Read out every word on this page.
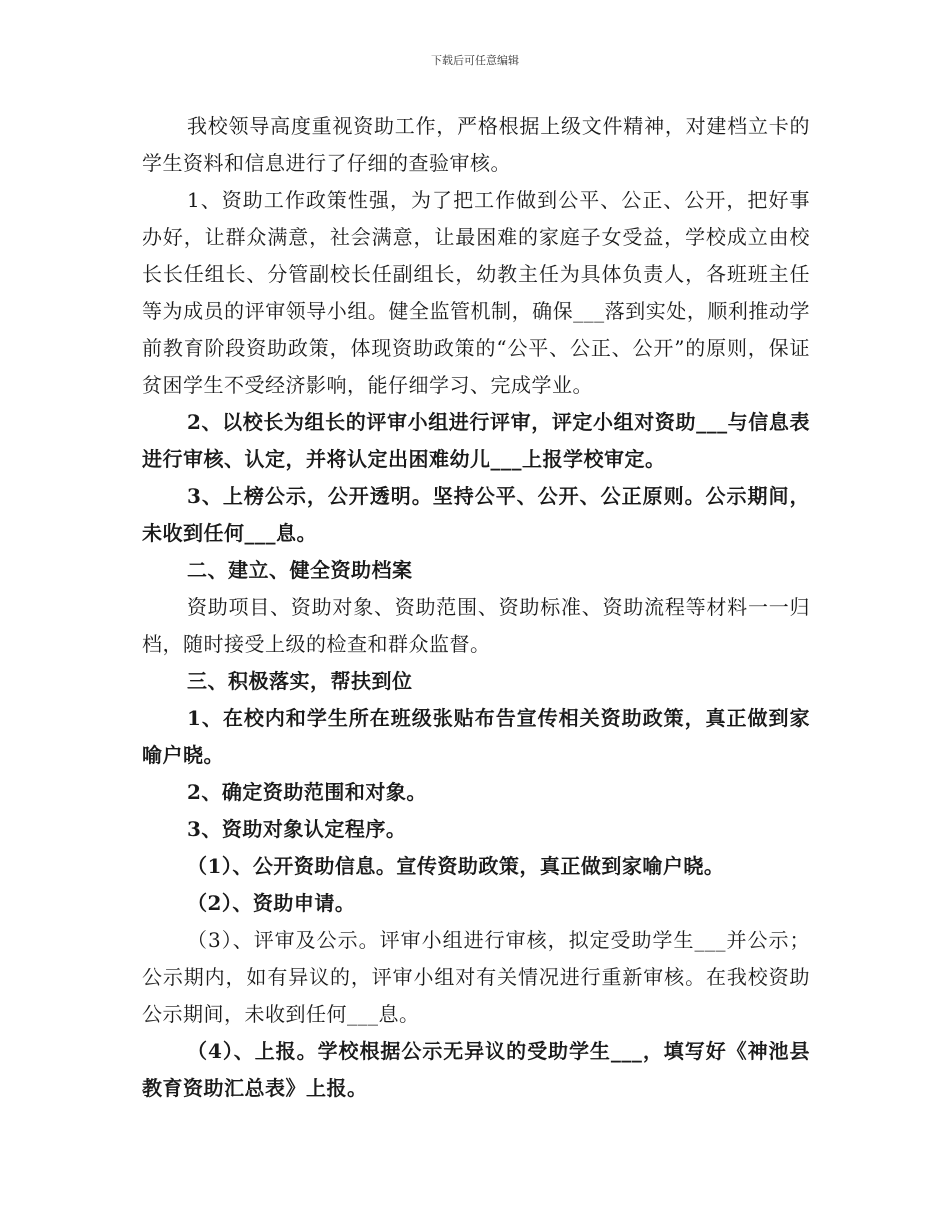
下载后可任意编辑

我校领导高度重视资助工作，严格根据上级文件精神，对建档立卡的学生资料和信息进行了仔细的查验审核。

1、资助工作政策性强，为了把工作做到公平、公正、公开，把好事办好，让群众满意，社会满意，让最困难的家庭子女受益，学校成立由校长长任组长、分管副校长任副组长，幼教主任为具体负责人，各班班主任等为成员的评审领导小组。健全监管机制，确保___落到实处，顺利推动学前教育阶段资助政策，体现资助政策的“公平、公正、公开”的原则，保证贫困学生不受经济影响，能仔细学习、完成学业。

2、以校长为组长的评审小组进行评审，评定小组对资助___与信息表进行审核、认定，并将认定出困难幼儿___上报学校审定。

3、上榜公示，公开透明。坚持公平、公开、公正原则。公示期间，未收到任何___息。

二、建立、健全资助档案

资助项目、资助对象、资助范围、资助标准、资助流程等材料一一归档，随时接受上级的检查和群众监督。

三、积极落实，帮扶到位

1、在校内和学生所在班级张贴布告宣传相关资助政策，真正做到家喻户晓。

2、确定资助范围和对象。

3、资助对象认定程序。

（1）、公开资助信息。宣传资助政策，真正做到家喻户晓。

（2）、资助申请。

（3）、评审及公示。评审小组进行审核，拟定受助学生___并公示；公示期内，如有异议的，评审小组对有关情况进行重新审核。在我校资助公示期间，未收到任何___息。

（4）、上报。学校根据公示无异议的受助学生___，填写好《神池县教育资助汇总表》上报。
